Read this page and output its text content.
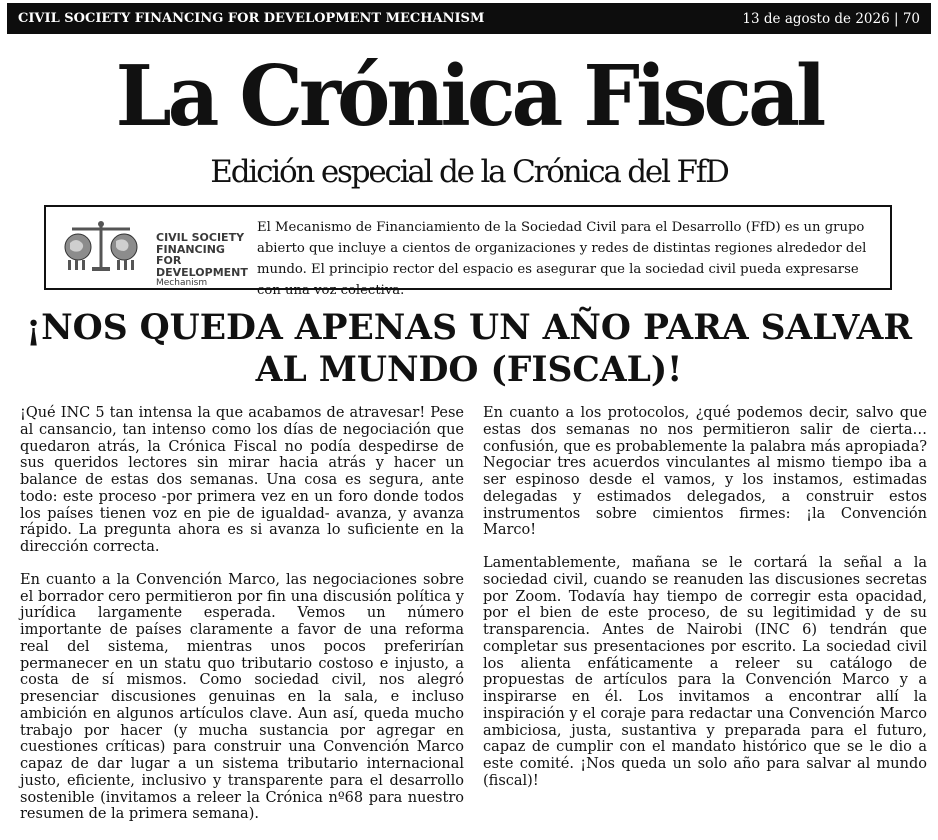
CIVIL SOCIETY FINANCING FOR DEVELOPMENT MECHANISM	13 de agosto de 2026 | 70
La Crónica Fiscal
Edición especial de la Crónica del FfD
CIVIL SOCIETY
FINANCING FOR
DEVELOPMENT
Mechanism
El Mecanismo de Financiamiento de la Sociedad Civil para el Desarrollo (FfD) es un grupo abierto que incluye a cientos de organizaciones y redes de distintas regiones alrededor del mundo. El principio rector del espacio es asegurar que la sociedad civil pueda expresarse con una voz colectiva.
¡NOS QUEDA APENAS UN AÑO PARA SALVAR AL MUNDO (FISCAL)!

¡Qué INC 5 tan intensa la que acabamos de atravesar! Pese al cansancio, tan intenso como los días de negociación que quedaron atrás, la Crónica Fiscal no podía despedirse de sus queridos lectores sin mirar hacia atrás y hacer un balance de estas dos semanas. Una cosa es segura, ante todo: este proceso -por primera vez en un foro donde todos los países tienen voz en pie de igualdad- avanza, y avanza rápido. La pregunta ahora es si avanza lo suficiente en la dirección correcta.

En cuanto a la Convención Marco, las negociaciones sobre el borrador cero permitieron por fin una discusión política y jurídica largamente esperada. Vemos un número importante de países claramente a favor de una reforma real del sistema, mientras unos pocos preferirían permanecer en un statu quo tributario costoso e injusto, a costa de sí mismos. Como sociedad civil, nos alegró presenciar discusiones genuinas en la sala, e incluso ambición en algunos artículos clave. Aun así, queda mucho trabajo por hacer (y mucha sustancia por agregar en cuestiones críticas) para construir una Convención Marco capaz de dar lugar a un sistema tributario internacional justo, eficiente, inclusivo y transparente para el desarrollo sostenible (invitamos a releer la Crónica nº68 para nuestro resumen de la primera semana).

En cuanto a los protocolos, ¿qué podemos decir, salvo que estas dos semanas no nos permitieron salir de cierta… confusión, que es probablemente la palabra más apropiada? Negociar tres acuerdos vinculantes al mismo tiempo iba a ser espinoso desde el vamos, y los instamos, estimadas delegadas y estimados delegados, a construir estos instrumentos sobre cimientos firmes: ¡la Convención Marco!

Lamentablemente, mañana se le cortará la señal a la sociedad civil, cuando se reanuden las discusiones secretas por Zoom. Todavía hay tiempo de corregir esta opacidad, por el bien de este proceso, de su legitimidad y de su transparencia. Antes de Nairobi (INC 6) tendrán que completar sus presentaciones por escrito. La sociedad civil los alienta enfáticamente a releer su catálogo de propuestas de artículos para la Convención Marco y a inspirarse en él. Los invitamos a encontrar allí la inspiración y el coraje para redactar una Convención Marco ambiciosa, justa, sustantiva y preparada para el futuro, capaz de cumplir con el mandato histórico que se le dio a este comité. ¡Nos queda un solo año para salvar al mundo (fiscal)!
